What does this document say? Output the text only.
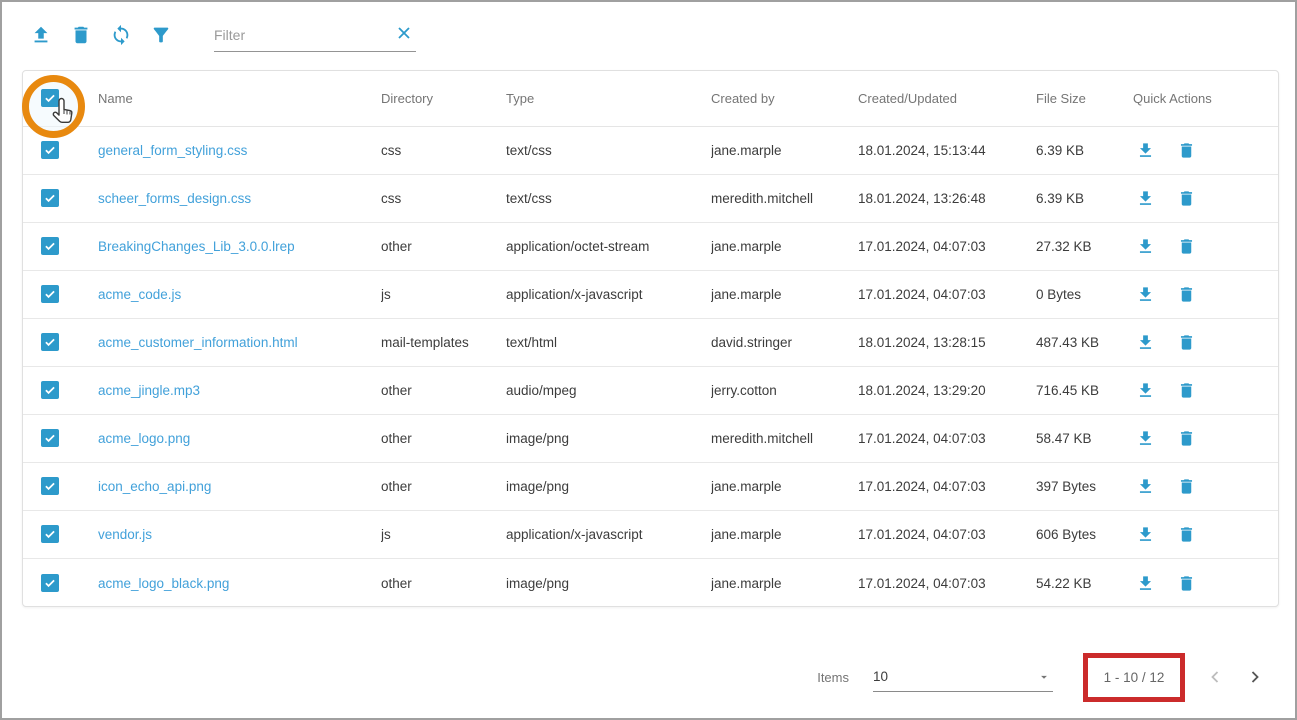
Filter
Name	Directory	Type	Created by	Created/Updated	File Size	Quick Actions
general_form_styling.css	css	text/css	jane.marple	18.01.2024, 15:13:44	6.39 KB
scheer_forms_design.css	css	text/css	meredith.mitchell	18.01.2024, 13:26:48	6.39 KB
BreakingChanges_Lib_3.0.0.lrep	other	application/octet-stream	jane.marple	17.01.2024, 04:07:03	27.32 KB
acme_code.js	js	application/x-javascript	jane.marple	17.01.2024, 04:07:03	0 Bytes
acme_customer_information.html	mail-templates	text/html	david.stringer	18.01.2024, 13:28:15	487.43 KB
acme_jingle.mp3	other	audio/mpeg	jerry.cotton	18.01.2024, 13:29:20	716.45 KB
acme_logo.png	other	image/png	meredith.mitchell	17.01.2024, 04:07:03	58.47 KB
icon_echo_api.png	other	image/png	jane.marple	17.01.2024, 04:07:03	397 Bytes
vendor.js	js	application/x-javascript	jane.marple	17.01.2024, 04:07:03	606 Bytes
acme_logo_black.png	other	image/png	jane.marple	17.01.2024, 04:07:03	54.22 KB
Items 10	1 - 10 / 12
